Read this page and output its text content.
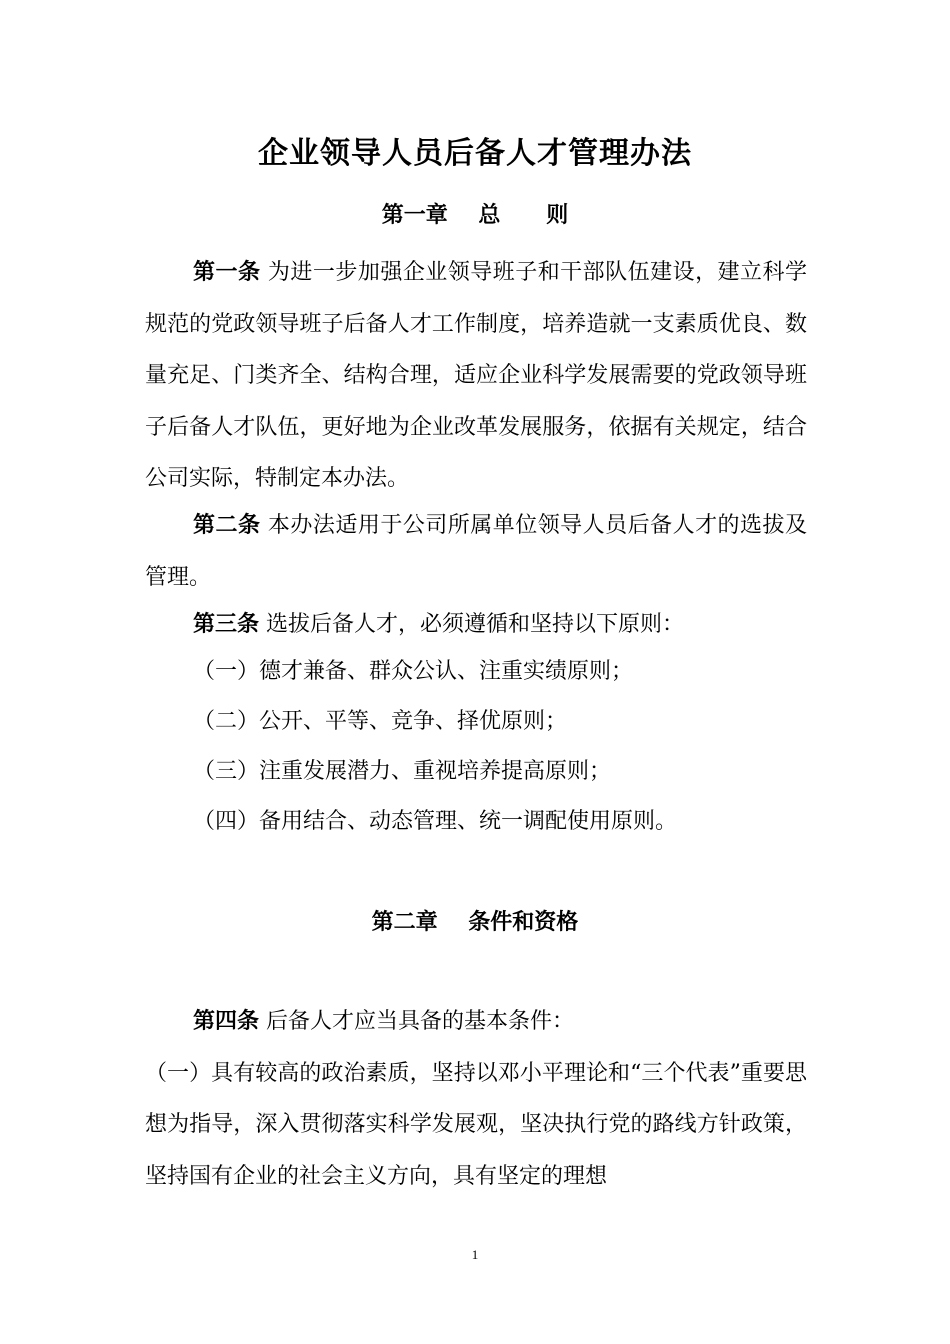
企业领导人员后备人才管理办法
第一章    总      则

第一条 为进一步加强企业领导班子和干部队伍建设，建立科学规范的党政领导班子后备人才工作制度，培养造就一支素质优良、数量充足、门类齐全、结构合理，适应企业科学发展需要的党政领导班子后备人才队伍，更好地为企业改革发展服务，依据有关规定，结合公司实际，特制定本办法。

第二条 本办法适用于公司所属单位领导人员后备人才的选拔及管理。

第三条 选拔后备人才，必须遵循和坚持以下原则：

（一）德才兼备、群众公认、注重实绩原则；

（二）公开、平等、竞争、择优原则；

（三）注重发展潜力、重视培养提高原则；

（四）备用结合、动态管理、统一调配使用原则。

第二章    条件和资格

第四条 后备人才应当具备的基本条件：
（一）具有较高的政治素质，坚持以邓小平理论和“三个代表”重要思想为指导，深入贯彻落实科学发展观，坚决执行党的路线方针政策，坚持国有企业的社会主义方向，具有坚定的理想

1
